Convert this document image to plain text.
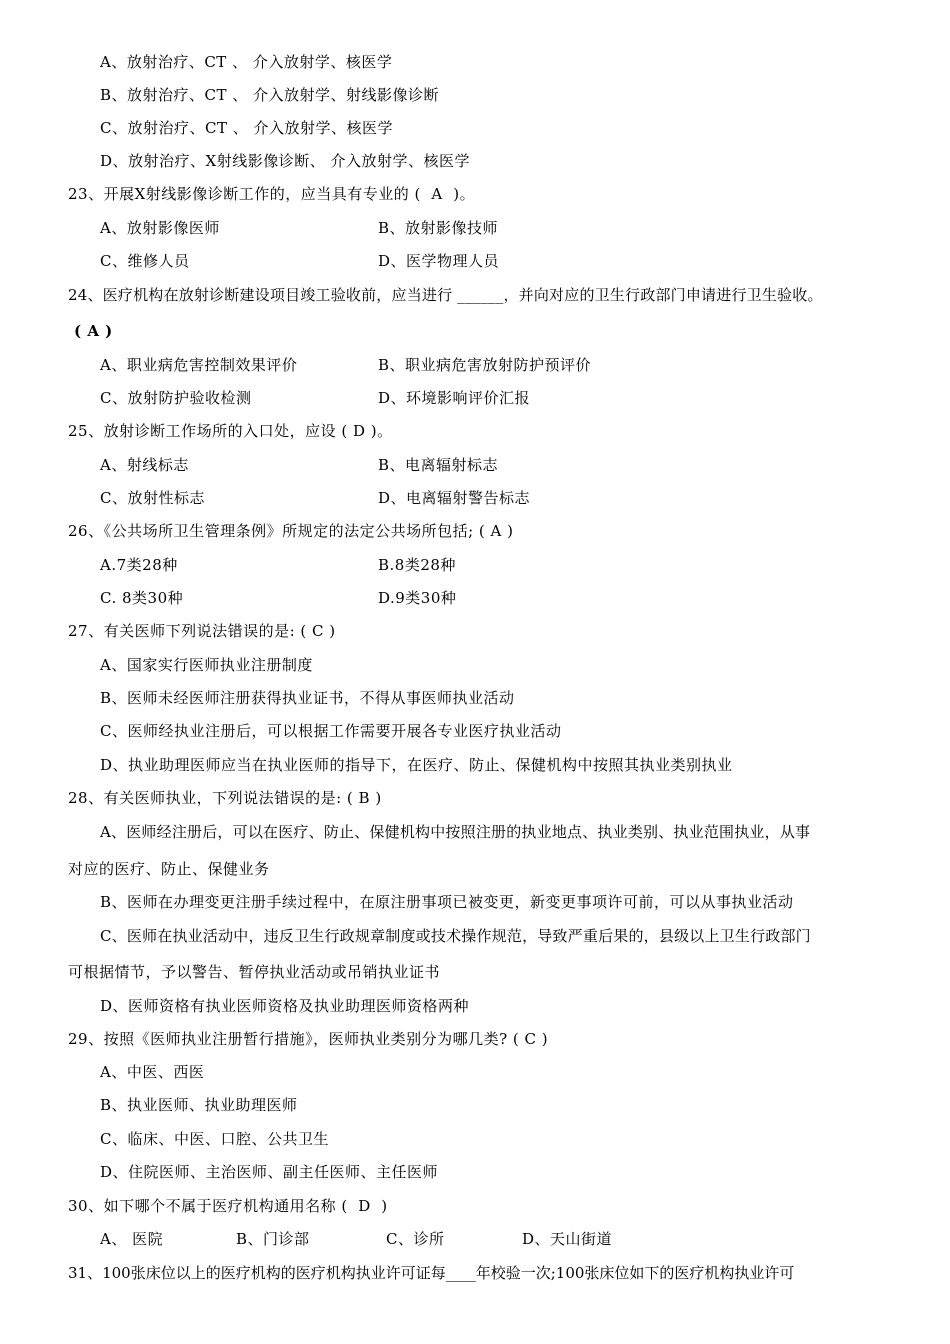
A、放射治疗、CT 、 介入放射学、核医学
B、放射治疗、CT 、 介入放射学、射线影像诊断
C、放射治疗、CT 、 介入放射学、核医学
D、放射治疗、X射线影像诊断、 介入放射学、核医学
23、开展X射线影像诊断工作的，应当具有专业的 (  A  )。
A、放射影像医师	B、放射影像技师
C、维修人员	D、医学物理人员
24、医疗机构在放射诊断建设项目竣工验收前，应当进行 ______，并向对应的卫生行政部门申请进行卫生验收。
( A )
A、职业病危害控制效果评价	B、职业病危害放射防护预评价
C、放射防护验收检测	D、环境影响评价汇报
25、放射诊断工作场所的入口处，应设 ( D )。
A、射线标志	B、电离辐射标志
C、放射性标志	D、电离辐射警告标志
26、《公共场所卫生管理条例》所规定的法定公共场所包括; ( A )
A.7类28种	B.8类28种
C. 8类30种	D.9类30种
27、有关医师下列说法错误的是: ( C )
A、国家实行医师执业注册制度
B、医师未经医师注册获得执业证书，不得从事医师执业活动
C、医师经执业注册后，可以根据工作需要开展各专业医疗执业活动
D、执业助理医师应当在执业医师的指导下，在医疗、防止、保健机构中按照其执业类别执业
28、有关医师执业，下列说法错误的是: ( B )
A、医师经注册后，可以在医疗、防止、保健机构中按照注册的执业地点、执业类别、执业范围执业，从事
对应的医疗、防止、保健业务
B、医师在办理变更注册手续过程中，在原注册事项已被变更，新变更事项许可前，可以从事执业活动
C、医师在执业活动中，违反卫生行政规章制度或技术操作规范，导致严重后果的，县级以上卫生行政部门
可根据情节，予以警告、暂停执业活动或吊销执业证书
D、医师资格有执业医师资格及执业助理医师资格两种
29、按照《医师执业注册暂行措施》，医师执业类别分为哪几类? ( C )
A、中医、西医
B、执业医师、执业助理医师
C、临床、中医、口腔、公共卫生
D、住院医师、主治医师、副主任医师、主任医师
30、如下哪个不属于医疗机构通用名称 (  D  )
A、 医院	B、门诊部	C、诊所	D、天山街道
31、100张床位以上的医疗机构的医疗机构执业许可证每____年校验一次;100张床位如下的医疗机构执业许可
